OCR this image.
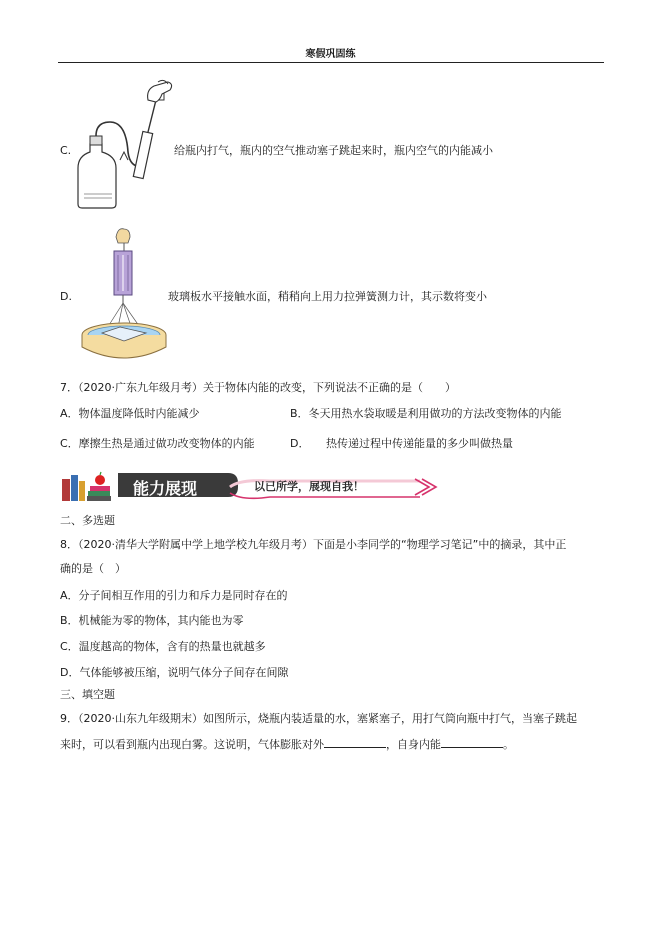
寒假巩固练
C.	给瓶内打气，瓶内的空气推动塞子跳起来时，瓶内空气的内能减小
D.	玻璃板水平接触水面，稍稍向上用力拉弹簧测力计，其示数将变小
7．（2020·广东九年级月考）关于物体内能的改变，下列说法不正确的是（　　）
A．物体温度降低时内能减少	B．冬天用热水袋取暖是利用做功的方法改变物体的内能
C．摩擦生热是通过做功改变物体的内能	D．　　热传递过程中传递能量的多少叫做热量
能力展现	以已所学，展现自我！
二、多选题
8．（2020·清华大学附属中学上地学校九年级月考）下面是小李同学的“物理学习笔记”中的摘录，其中正
确的是（　）
A．分子间相互作用的引力和斥力是同时存在的
B．机械能为零的物体，其内能也为零
C．温度越高的物体，含有的热量也就越多
D．气体能够被压缩，说明气体分子间存在间隙
三、填空题
9．（2020·山东九年级期末）如图所示，烧瓶内装适量的水，塞紧塞子，用打气筒向瓶中打气，当塞子跳起
来时，可以看到瓶内出现白雾。这说明，气体膨胀对外	，自身内能	。
